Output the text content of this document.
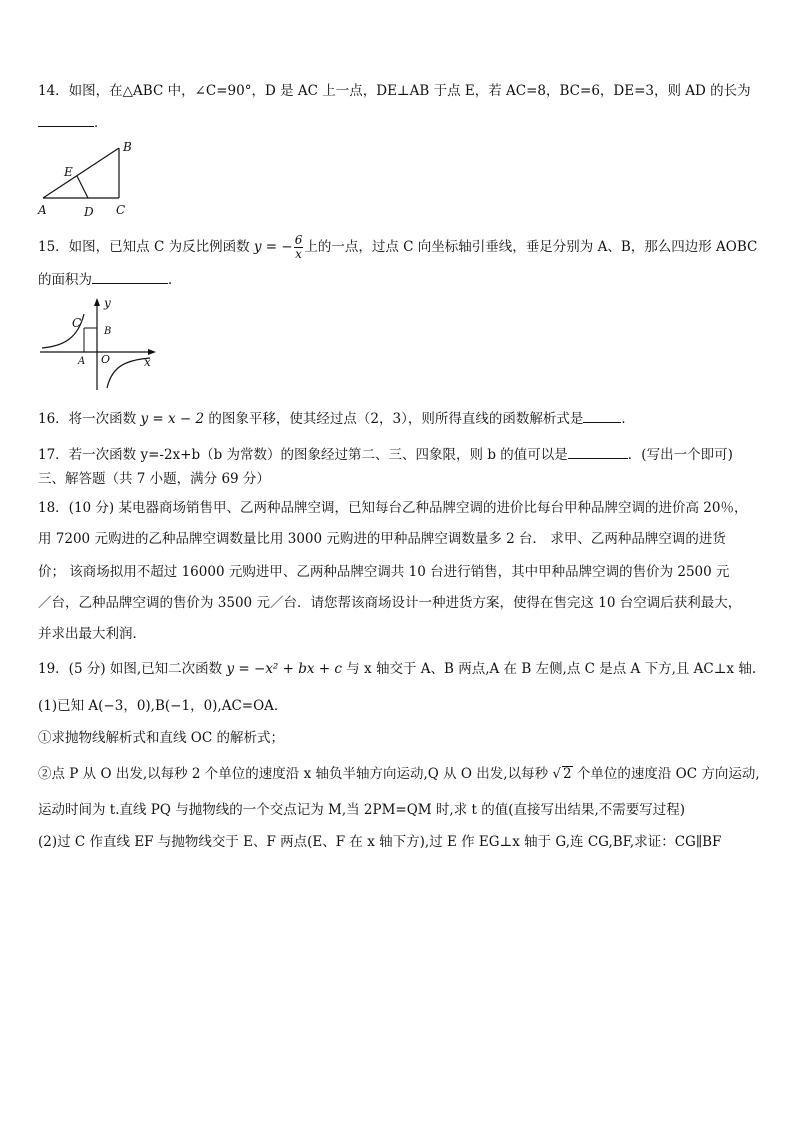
14．如图，在△ABC 中，∠C=90°，D 是 AC 上一点，DE⊥AB 于点 E，若 AC=8，BC=6，DE=3，则 AD 的长为
．
B
E
A	D C
15．如图，已知点 C 为反比例函数 y = − $\frac{6}{x}$ 上的一点，过点 C 向坐标轴引垂线，垂足分别为 A、B，那么四边形 AOBC
的面积为	．
y
C
B
A O	x
16．将一次函数 y = x − 2 的图象平移，使其经过点（2，3），则所得直线的函数解析式是	．
17．若一次函数 y=-2x+b（b 为常数）的图象经过第二、三、四象限，则 b 的值可以是	．(写出一个即可)
三、解答题（共 7 小题，满分 69 分）
18．(10 分) 某电器商场销售甲、乙两种品牌空调，已知每台乙种品牌空调的进价比每台甲种品牌空调的进价高 20％，
用 7200 元购进的乙种品牌空调数量比用 3000 元购进的甲种品牌空调数量多 2 台． 求甲、乙两种品牌空调的进货
价； 该商场拟用不超过 16000 元购进甲、乙两种品牌空调共 10 台进行销售，其中甲种品牌空调的售价为 2500 元
／台，乙种品牌空调的售价为 3500 元／台．请您帮该商场设计一种进货方案，使得在售完这 10 台空调后获利最大，
并求出最大利润．
19．(5 分) 如图,已知二次函数 y = −x² + bx + c 与 x 轴交于 A、B 两点,A 在 B 左侧,点 C 是点 A 下方,且 AC⊥x 轴.
(1)已知 A(−3，0),B(−1，0),AC=OA．
①求抛物线解析式和直线 OC 的解析式；
②点 P 从 O 出发,以每秒 2 个单位的速度沿 x 轴负半轴方向运动,Q 从 O 出发,以每秒 √ 2 个单位的速度沿 OC 方向运动,
运动时间为 t.直线 PQ 与抛物线的一个交点记为 M,当 2PM=QM 时,求 t 的值(直接写出结果,不需要写过程)
(2)过 C 作直线 EF 与抛物线交于 E、F 两点(E、F 在 x 轴下方),过 E 作 EG⊥x 轴于 G,连 CG,BF,求证：CG∥BF
